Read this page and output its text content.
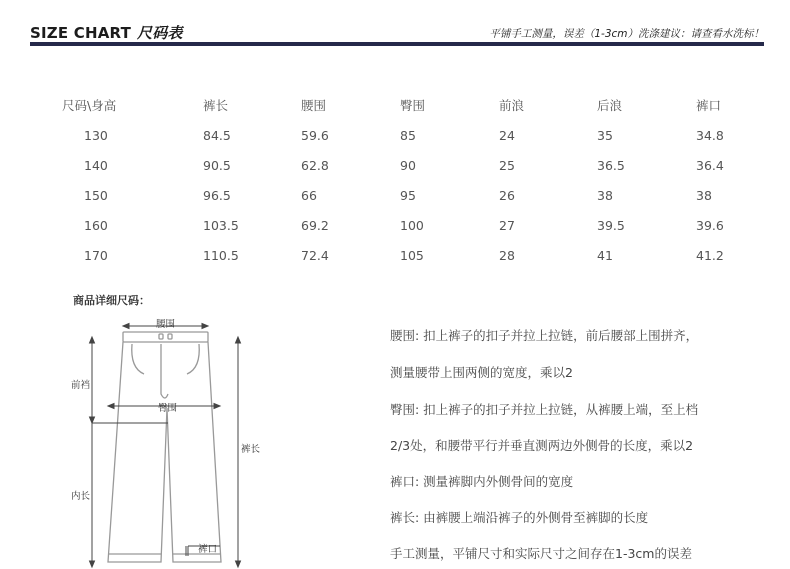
SIZE CHART 尺码表	平铺手工测量，误差（1-3cm）洗涤建议：请查看水洗标！
尺码\身高	裤长	腰围	臀围	前浪	后浪	裤口
130	84.5	59.6	85	24	35	34.8
140	90.5	62.8	90	25	36.5	36.4
150	96.5	66	95	26	38	38
160	103.5	69.2	100	27	39.5	39.6
170	110.5	72.4	105	28	41	41.2
商品详细尺码：
腰围
臀围
前裆
裤长
内长
裤口
腰围: 扣上裤子的扣子并拉上拉链，前后腰部上围拼齐，
测量腰带上围两侧的宽度，乘以2
臀围: 扣上裤子的扣子并拉上拉链，从裤腰上端，至上档
2/3处，和腰带平行并垂直测两边外侧骨的长度，乘以2
裤口: 测量裤脚内外侧骨间的宽度
裤长: 由裤腰上端沿裤子的外侧骨至裤脚的长度
手工测量，平铺尺寸和实际尺寸之间存在1-3cm的误差
